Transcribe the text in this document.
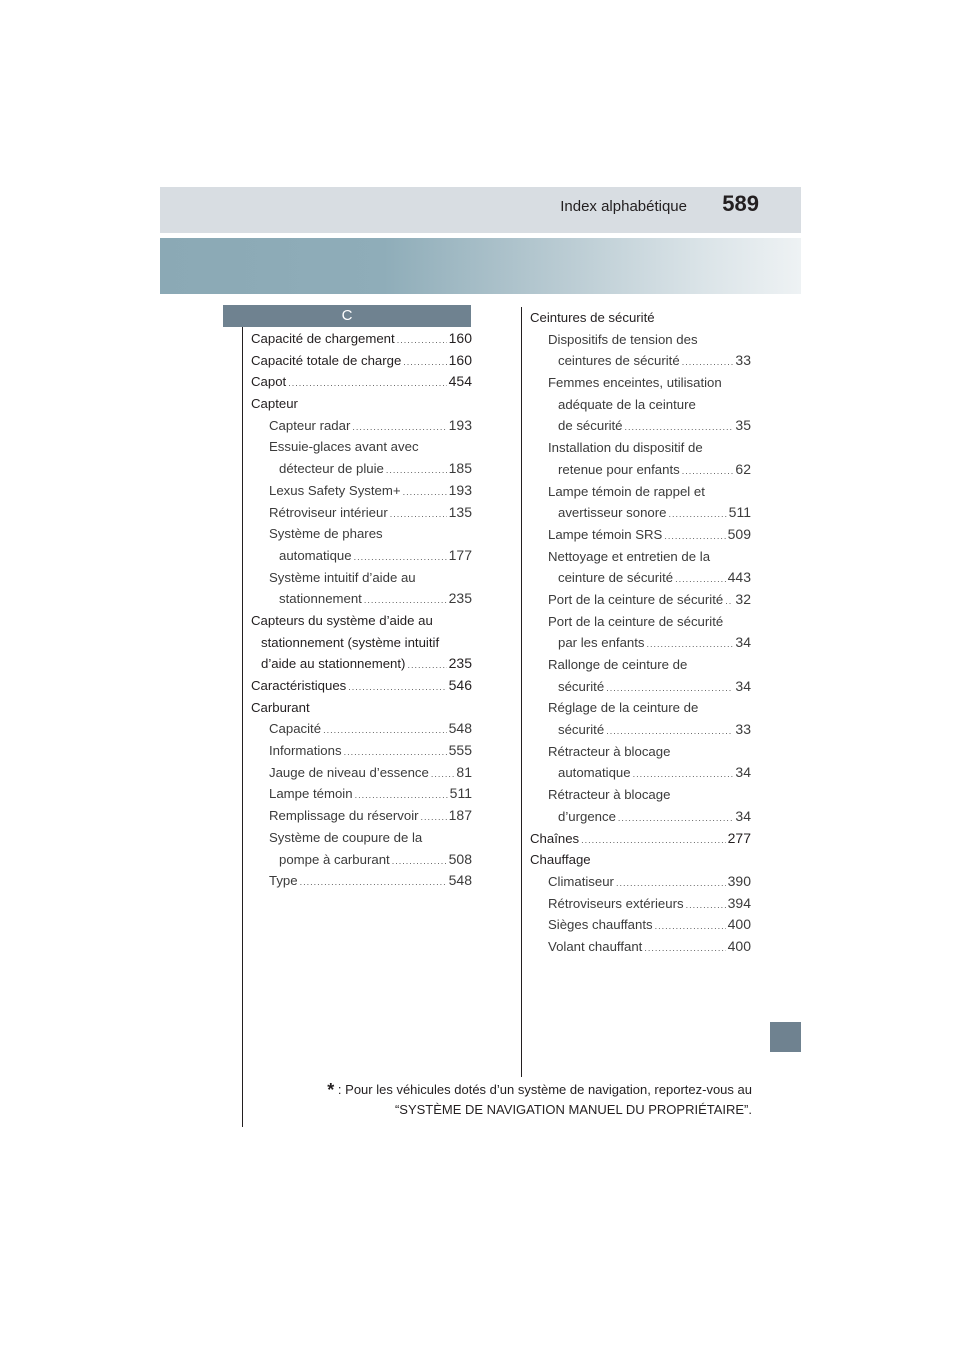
Index alphabétique 589
C
Capacité de chargement .....	160
Capacité totale de charge .....	160
Capot .....	454
Capteur
Capteur radar .....	193
Essuie-glaces avant avec
détecteur de pluie .....	185
Lexus Safety System+ .....	193
Rétroviseur intérieur .....	135
Système de phares
automatique .....	177
Système intuitif d’aide au
stationnement .....	235
Capteurs du système d’aide au
stationnement (système intuitif
d’aide au stationnement) .....	235
Caractéristiques .....	546
Carburant
Capacité .....	548
Informations .....	555
Jauge de niveau d’essence ..... 81
Lampe témoin .....	511
Remplissage du réservoir ..... 187
Système de coupure de la
pompe à carburant .....	508
Type .....	548
Ceintures de sécurité
Dispositifs de tension des
ceintures de sécurité .....	33
Femmes enceintes, utilisation
adéquate de la ceinture
de sécurité .....	35
Installation du dispositif de
retenue pour enfants .....	62
Lampe témoin de rappel et
avertisseur sonore .....	511
Lampe témoin SRS .....	509
Nettoyage et entretien de la
ceinture de sécurité .....	443
Port de la ceinture de sécurité ..... 32
Port de la ceinture de sécurité
par les enfants .....	34
Rallonge de ceinture de
sécurité .....	34
Réglage de la ceinture de
sécurité .....	33
Rétracteur à blocage
automatique .....	34
Rétracteur à blocage
d’urgence .....	34
Chaînes .....	277
Chauffage
Climatiseur .....	390
Rétroviseurs extérieurs .....	394
Sièges chauffants .....	400
Volant chauffant .....	400
* : Pour les véhicules dotés d’un système de navigation, reportez-vous au
“SYSTÈME DE NAVIGATION MANUEL DU PROPRIÉTAIRE”.
